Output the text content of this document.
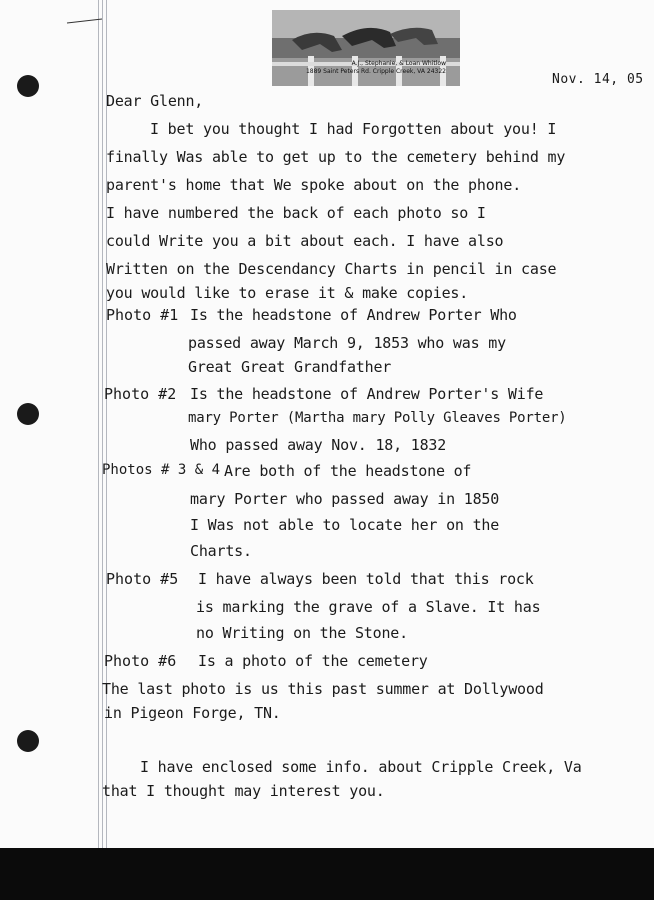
A.J., Stephanie, & Loan Whitlow
1889 Saint Peters Rd. Cripple Creek, VA 24322
Nov. 14, 05
Dear Glenn,
I bet you thought I had Forgotten about you! I
finally Was able to get up to the cemetery behind my
parent's home that We spoke about on the phone.
I have numbered the back of each photo so I
could Write you a bit about each. I have also
Written on the Descendancy Charts in pencil in case
you would like to erase it & make copies.
Photo #1 Is the headstone of Andrew Porter Who
passed away March 9, 1853 who was my
Great Great Grandfather
Photo #2 Is the headstone of Andrew Porter's Wife
mary Porter (Martha mary Polly Gleaves Porter)
Who passed away Nov. 18, 1832
Photos # 3 & 4 Are both of the headstone of
mary Porter who passed away in 1850
I Was not able to locate her on the
Charts.
Photo #5 I have always been told that this rock
is marking the grave of a Slave. It has
no Writing on the Stone.
Photo #6 Is a photo of the cemetery
The last photo is us this past summer at Dollywood
in Pigeon Forge, TN.
I have enclosed some info. about Cripple Creek, Va
that I thought may interest you.
